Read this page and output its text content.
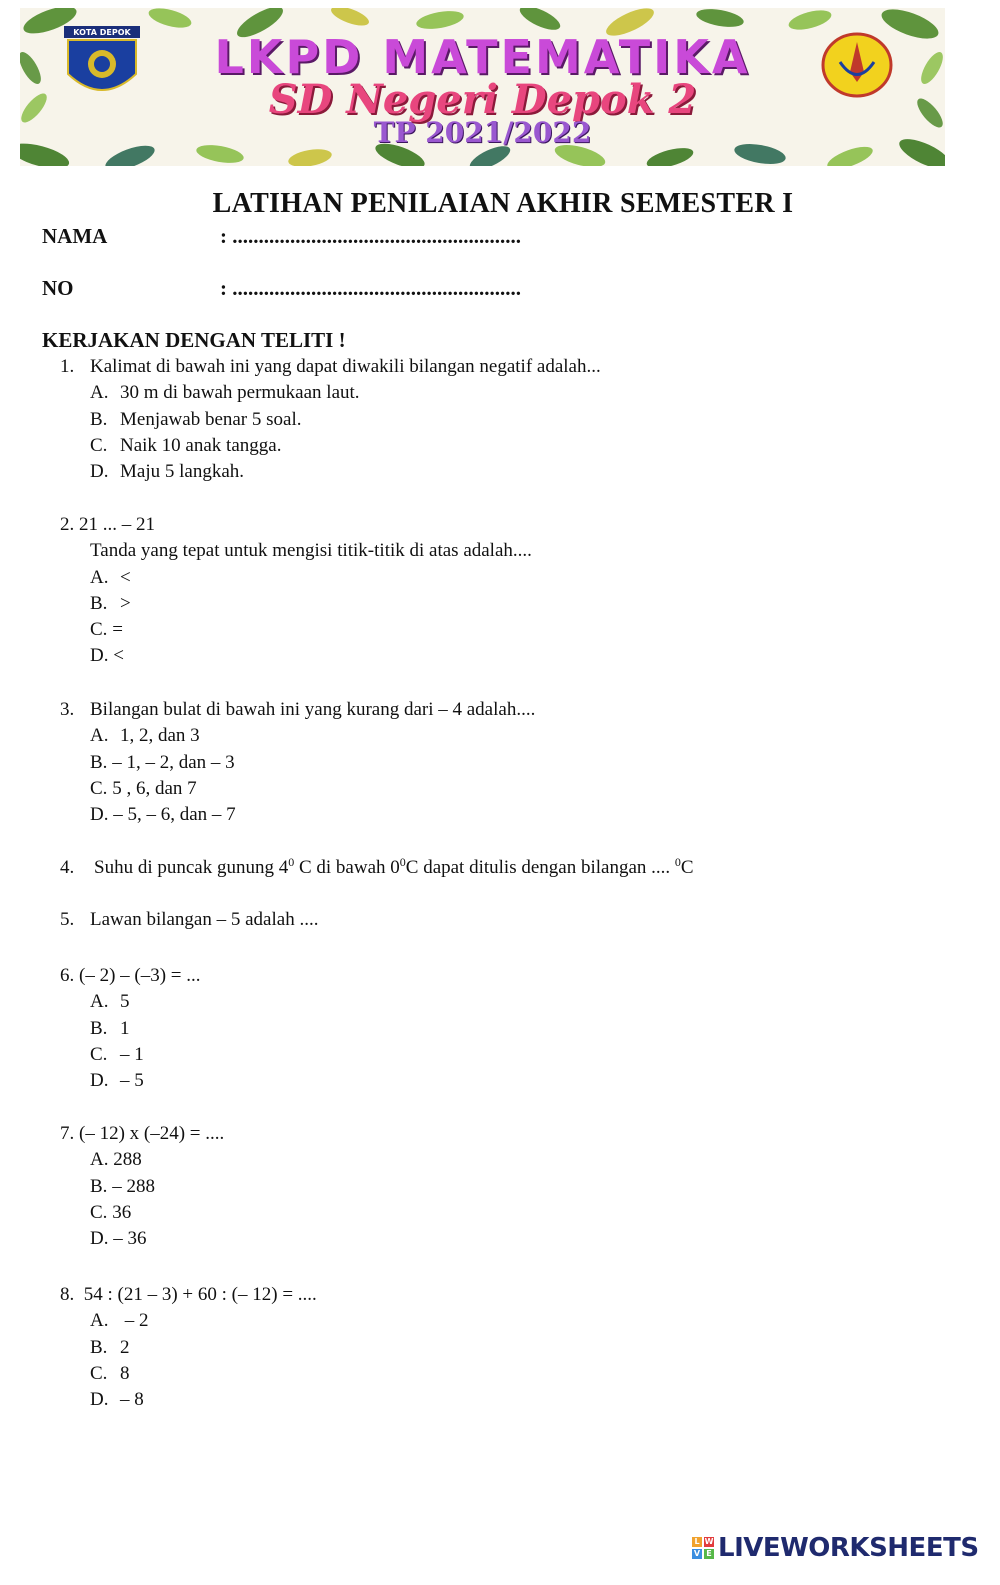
KOTA DEPOK	LKPD MATEMATIKA
SD Negeri Depok 2
TP 2021/2022
LATIHAN PENILAIAN AKHIR SEMESTER I
NAMA	: .......................................................
NO	: .......................................................
KERJAKAN DENGAN TELITI !
1. Kalimat di bawah ini yang dapat diwakili bilangan negatif adalah...
A. 30 m di bawah permukaan laut.
B. Menjawab benar 5 soal.
C. Naik 10 anak tangga.
D. Maju 5 langkah.
2. 21 ... – 21
Tanda yang tepat untuk mengisi titik-titik di atas adalah....
A. <
B. >
C. =
D. <
3. Bilangan bulat di bawah ini yang kurang dari – 4 adalah....
A. 1, 2, dan 3
B. – 1, – 2, dan – 3
C. 5 , 6, dan 7
D. – 5, – 6, dan – 7
4. Suhu di puncak gunung $4^0$ C di bawah $0^0C$ dapat ditulis dengan bilangan .... $^0$C
5. Lawan bilangan – 5 adalah ....
6. (– 2) – (–3) = ...
A. 5
B. 1
C. – 1
D. – 5
7. (– 12) x (–24) = ....
A. 288
B. – 288
C. 36
D. – 36
8. 54 : (21 – 3) + 60 : (– 12) = ....
A. – 2
B. 2
C. 8
D. – 8
L W
V E LIVEWORKSHEETS
